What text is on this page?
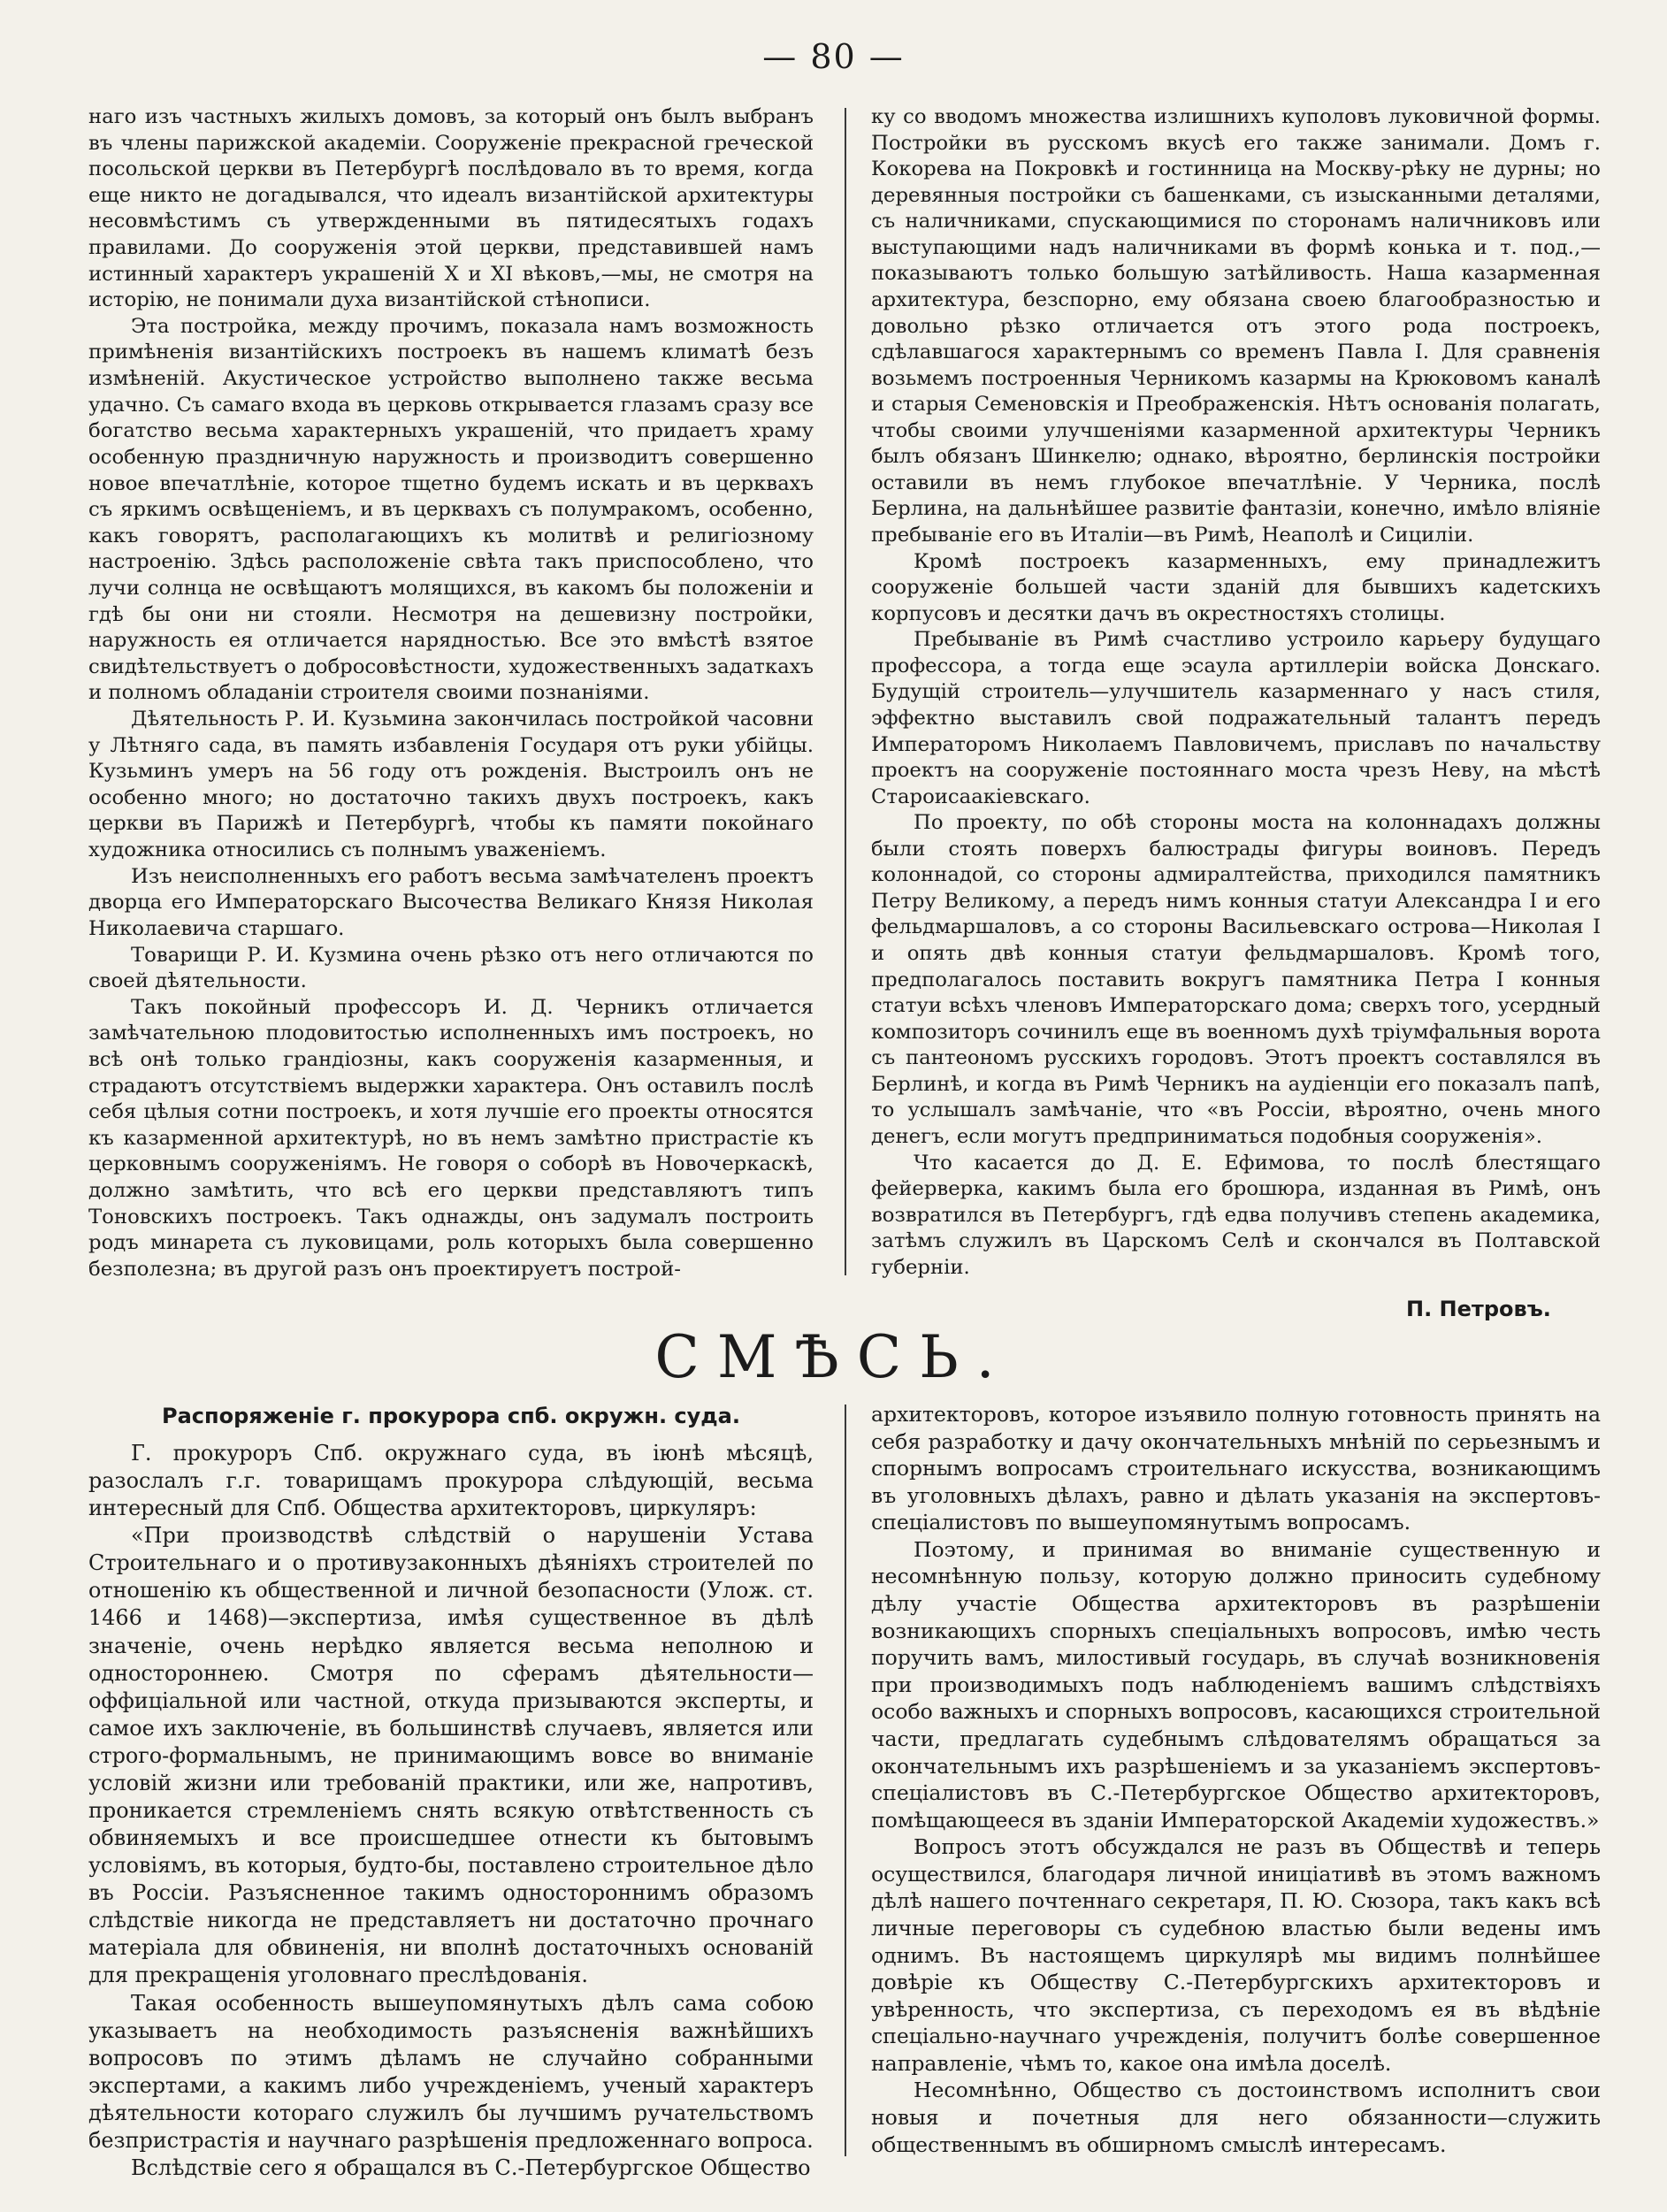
— 80 —

наго изъ частныхъ жилыхъ домовъ, за который онъ былъ выбранъ въ члены парижской академіи. Сооруженіе прекрасной греческой посольской церкви въ Петербургѣ послѣдовало въ то время, когда еще никто не догадывался, что идеалъ византійской архитектуры несовмѣстимъ съ утвержденными въ пятидесятыхъ годахъ правилами. До сооруженія этой церкви, представившей намъ истинный характеръ украшеній X и XI вѣковъ,—мы, не смотря на исторію, не понимали духа византійской стѣнописи.

Эта постройка, между прочимъ, показала намъ возможность примѣненія византійскихъ построекъ въ нашемъ климатѣ безъ измѣненій. Акустическое устройство выполнено также весьма удачно. Съ самаго входа въ церковь открывается глазамъ сразу все богатство весьма характерныхъ украшеній, что придаетъ храму особенную праздничную наружность и производитъ совершенно новое впечатлѣніе, которое тщетно будемъ искать и въ церквахъ съ яркимъ освѣщеніемъ, и въ церквахъ съ полумракомъ, особенно, какъ говорятъ, располагающихъ къ молитвѣ и религіозному настроенію. Здѣсь расположеніе свѣта такъ приспособлено, что лучи солнца не освѣщаютъ молящихся, въ какомъ бы положеніи и гдѣ бы они ни стояли. Несмотря на дешевизну постройки, наружность ея отличается нарядностью. Все это вмѣстѣ взятое свидѣтельствуетъ о добросовѣстности, художественныхъ задаткахъ и полномъ обладаніи строителя своими познаніями.

Дѣятельность Р. И. Кузьмина закончилась постройкой часовни у Лѣтняго сада, въ память избавленія Государя отъ руки убійцы. Кузьминъ умеръ на 56 году отъ рожденія. Выстроилъ онъ не особенно много; но достаточно такихъ двухъ построекъ, какъ церкви въ Парижѣ и Петербургѣ, чтобы къ памяти покойнаго художника относились съ полнымъ уваженіемъ.

Изъ неисполненныхъ его работъ весьма замѣчателенъ проектъ дворца его Императорскаго Высочества Великаго Князя Николая Николаевича старшаго.

Товарищи Р. И. Кузмина очень рѣзко отъ него отличаются по своей дѣятельности.

Такъ покойный профессоръ И. Д. Черникъ отличается замѣчательною плодовитостью исполненныхъ имъ построекъ, но всѣ онѣ только грандіозны, какъ сооруженія казарменныя, и страдаютъ отсутствіемъ выдержки характера. Онъ оставилъ послѣ себя цѣлыя сотни построекъ, и хотя лучшіе его проекты относятся къ казарменной архитектурѣ, но въ немъ замѣтно пристрастіе къ церковнымъ сооруженіямъ. Не говоря о соборѣ въ Новочеркаскѣ, должно замѣтить, что всѣ его церкви представляютъ типъ Тоновскихъ построекъ. Такъ однажды, онъ задумалъ построить родъ минарета съ луковицами, роль которыхъ была совершенно безполезна; въ другой разъ онъ проектируетъ построй-

ку со вводомъ множества излишнихъ куполовъ луковичной формы. Постройки въ русскомъ вкусѣ его также занимали. Домъ г. Кокорева на Покровкѣ и гостинница на Москву-рѣку не дурны; но деревянныя постройки съ башенками, съ изысканными деталями, съ наличниками, спускающимися по сторонамъ наличниковъ или выступающими надъ наличниками въ формѣ конька и т. под.,—показываютъ только большую затѣйливость. Наша казарменная архитектура, безспорно, ему обязана своею благообразностью и довольно рѣзко отличается отъ этого рода построекъ, сдѣлавшагося характернымъ со временъ Павла I. Для сравненія возьмемъ построенныя Черникомъ казармы на Крюковомъ каналѣ и старыя Семеновскія и Преображенскія. Нѣтъ основанія полагать, чтобы своими улучшеніями казарменной архитектуры Черникъ былъ обязанъ Шинкелю; однако, вѣроятно, берлинскія постройки оставили въ немъ глубокое впечатлѣніе. У Черника, послѣ Берлина, на дальнѣйшее развитіе фантазіи, конечно, имѣло вліяніе пребываніе его въ Италіи—въ Римѣ, Неаполѣ и Сициліи.

Кромѣ построекъ казарменныхъ, ему принадлежитъ сооруженіе большей части зданій для бывшихъ кадетскихъ корпусовъ и десятки дачъ въ окрестностяхъ столицы.

Пребываніе въ Римѣ счастливо устроило карьеру будущаго профессора, а тогда еще эсаула артиллеріи войска Донскаго. Будущій строитель—улучшитель казарменнаго у насъ стиля, эффектно выставилъ свой подражательный талантъ передъ Императоромъ Николаемъ Павловичемъ, приславъ по начальству проектъ на сооруженіе постояннаго моста чрезъ Неву, на мѣстѣ Староисаакіевскаго.

По проекту, по обѣ стороны моста на колоннадахъ должны были стоять поверхъ балюстрады фигуры воиновъ. Передъ колоннадой, со стороны адмиралтейства, приходился памятникъ Петру Великому, а передъ нимъ конныя статуи Александра I и его фельдмаршаловъ, а со стороны Васильевскаго острова—Николая I и опять двѣ конныя статуи фельдмаршаловъ. Кромѣ того, предполагалось поставить вокругъ памятника Петра I конныя статуи всѣхъ членовъ Императорскаго дома; сверхъ того, усердный композиторъ сочинилъ еще въ военномъ духѣ тріумфальныя ворота съ пантеономъ русскихъ городовъ. Этотъ проектъ составлялся въ Берлинѣ, и когда въ Римѣ Черникъ на аудіенціи его показалъ папѣ, то услышалъ замѣчаніе, что «въ Россіи, вѣроятно, очень много денегъ, если могутъ предприниматься подобныя сооруженія».

Что касается до Д. Е. Ефимова, то послѣ блестящаго фейерверка, какимъ была его брошюра, изданная въ Римѣ, онъ возвратился въ Петербургъ, гдѣ едва получивъ степень академика, затѣмъ служилъ въ Царскомъ Селѣ и скончался въ Полтавской губерніи.

П. Петровъ.
СМѢСЬ.
Распоряженіе г. прокурора спб. окружн. суда.

Г. прокуроръ Спб. окружнаго суда, въ іюнѣ мѣсяцѣ, разослалъ г.г. товарищамъ прокурора слѣдующій, весьма интересный для Спб. Общества архитекторовъ, циркуляръ:

«При производствѣ слѣдствій о нарушеніи Устава Строительнаго и о противузаконныхъ дѣяніяхъ строителей по отношенію къ общественной и личной безопасности (Улож. ст. 1466 и 1468)—экспертиза, имѣя существенное въ дѣлѣ значеніе, очень нерѣдко является весьма неполною и одностороннею. Смотря по сферамъ дѣятельности—оффиціальной или частной, откуда призываются эксперты, и самое ихъ заключеніе, въ большинствѣ случаевъ, является или строго-формальнымъ, не принимающимъ вовсе во вниманіе условій жизни или требованій практики, или же, напротивъ, проникается стремленіемъ снять всякую отвѣтственность съ обвиняемыхъ и все происшедшее отнести къ бытовымъ условіямъ, въ которыя, будто-бы, поставлено строительное дѣло въ Россіи. Разъясненное такимъ одностороннимъ образомъ слѣдствіе никогда не представляетъ ни достаточно прочнаго матеріала для обвиненія, ни вполнѣ достаточныхъ основаній для прекращенія уголовнаго преслѣдованія.

Такая особенность вышеупомянутыхъ дѣлъ сама собою указываетъ на необходимость разъясненія важнѣйшихъ вопросовъ по этимъ дѣламъ не случайно собранными экспертами, а какимъ либо учрежденіемъ, ученый характеръ дѣятельности котораго служилъ бы лучшимъ ручательствомъ безпристрастія и научнаго разрѣшенія предложеннаго вопроса.

Вслѣдствіе сего я обращался въ С.-Петербургское Общество

архитекторовъ, которое изъявило полную готовность принять на себя разработку и дачу окончательныхъ мнѣній по серьезнымъ и спорнымъ вопросамъ строительнаго искусства, возникающимъ въ уголовныхъ дѣлахъ, равно и дѣлать указанія на экспертовъ-спеціалистовъ по вышеупомянутымъ вопросамъ.

Поэтому, и принимая во вниманіе существенную и несомнѣнную пользу, которую должно приносить судебному дѣлу участіе Общества архитекторовъ въ разрѣшеніи возникающихъ спорныхъ спеціальныхъ вопросовъ, имѣю честь поручить вамъ, милостивый государь, въ случаѣ возникновенія при производимыхъ подъ наблюденіемъ вашимъ слѣдствіяхъ особо важныхъ и спорныхъ вопросовъ, касающихся строительной части, предлагать судебнымъ слѣдователямъ обращаться за окончательнымъ ихъ разрѣшеніемъ и за указаніемъ экспертовъ-спеціалистовъ въ С.-Петербургское Общество архитекторовъ, помѣщающееся въ зданіи Императорской Академіи художествъ.»

Вопросъ этотъ обсуждался не разъ въ Обществѣ и теперь осуществился, благодаря личной иниціативѣ въ этомъ важномъ дѣлѣ нашего почтеннаго секретаря, П. Ю. Сюзора, такъ какъ всѣ личные переговоры съ судебною властью были ведены имъ однимъ. Въ настоящемъ циркулярѣ мы видимъ полнѣйшее довѣріе къ Обществу С.-Петербургскихъ архитекторовъ и увѣренность, что экспертиза, съ переходомъ ея въ вѣдѣніе спеціально-научнаго учрежденія, получитъ болѣе совершенное направленіе, чѣмъ то, какое она имѣла доселѣ.

Несомнѣнно, Общество съ достоинствомъ исполнитъ свои новыя и почетныя для него обязанности—служить общественнымъ въ обширномъ смыслѣ интересамъ.
